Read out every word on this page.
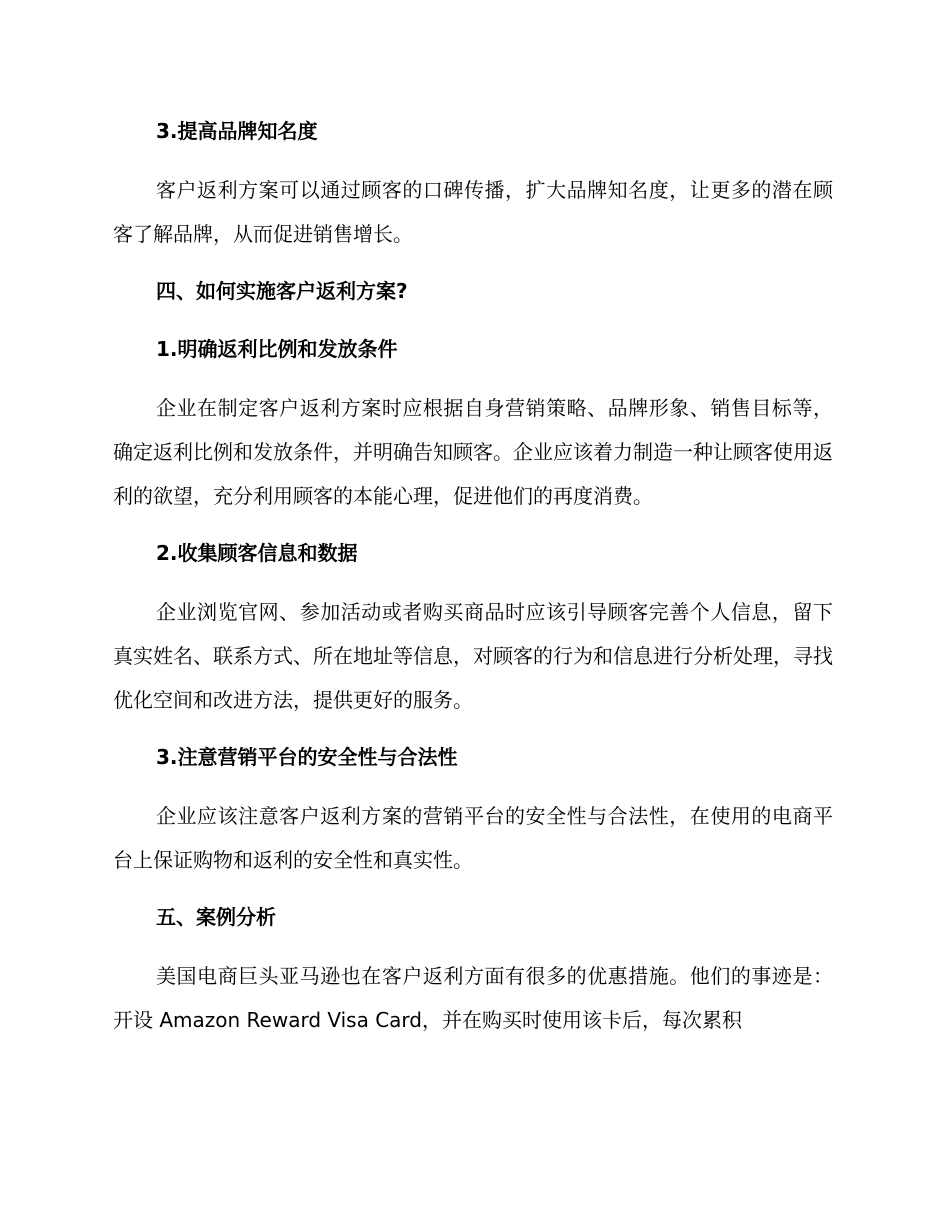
3.提高品牌知名度
客户返利方案可以通过顾客的口碑传播，扩大品牌知名度，让更多的潜在顾客了解品牌，从而促进销售增长。
四、如何实施客户返利方案?
1.明确返利比例和发放条件
企业在制定客户返利方案时应根据自身营销策略、品牌形象、销售目标等，确定返利比例和发放条件，并明确告知顾客。企业应该着力制造一种让顾客使用返利的欲望，充分利用顾客的本能心理，促进他们的再度消费。
2.收集顾客信息和数据
企业浏览官网、参加活动或者购买商品时应该引导顾客完善个人信息，留下真实姓名、联系方式、所在地址等信息，对顾客的行为和信息进行分析处理，寻找优化空间和改进方法，提供更好的服务。
3.注意营销平台的安全性与合法性
企业应该注意客户返利方案的营销平台的安全性与合法性，在使用的电商平台上保证购物和返利的安全性和真实性。
五、案例分析
美国电商巨头亚马逊也在客户返利方面有很多的优惠措施。他们的事迹是：开设 Amazon Reward Visa Card，并在购买时使用该卡后，每次累积
